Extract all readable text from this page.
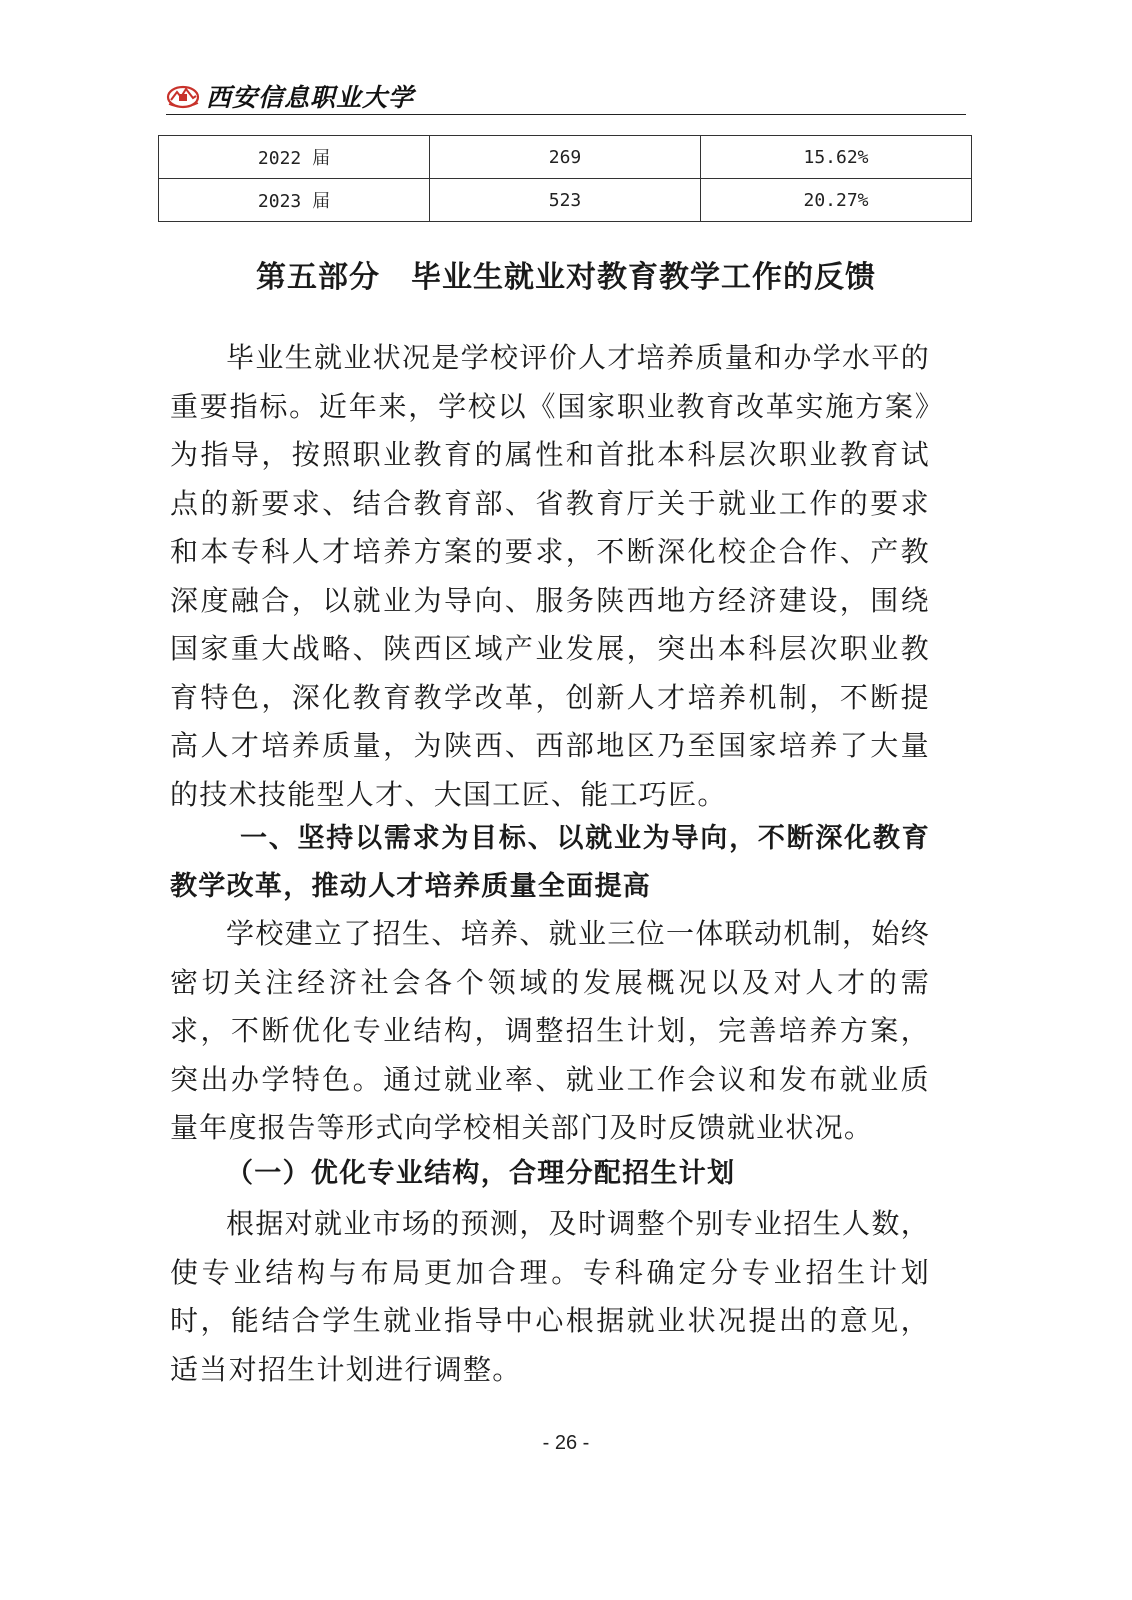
西安信息职业大学
2022 届	269	15.62%
2023 届	523	20.27%
第五部分　毕业生就业对教育教学工作的反馈

毕业生就业状况是学校评价人才培养质量和办学水平的重要指标。近年来，学校以《国家职业教育改革实施方案》为指导，按照职业教育的属性和首批本科层次职业教育试点的新要求、结合教育部、省教育厅关于就业工作的要求和本专科人才培养方案的要求，不断深化校企合作、产教深度融合，以就业为导向、服务陕西地方经济建设，围绕国家重大战略、陕西区域产业发展，突出本科层次职业教育特色，深化教育教学改革，创新人才培养机制，不断提高人才培养质量，为陕西、西部地区乃至国家培养了大量的技术技能型人才、大国工匠、能工巧匠。

一、坚持以需求为目标、以就业为导向，不断深化教育教学改革，推动人才培养质量全面提高

学校建立了招生、培养、就业三位一体联动机制，始终密切关注经济社会各个领域的发展概况以及对人才的需求，不断优化专业结构，调整招生计划，完善培养方案，突出办学特色。通过就业率、就业工作会议和发布就业质量年度报告等形式向学校相关部门及时反馈就业状况。

（一）优化专业结构，合理分配招生计划

根据对就业市场的预测，及时调整个别专业招生人数，使专业结构与布局更加合理。专科确定分专业招生计划时，能结合学生就业指导中心根据就业状况提出的意见，适当对招生计划进行调整。

- 26 -
